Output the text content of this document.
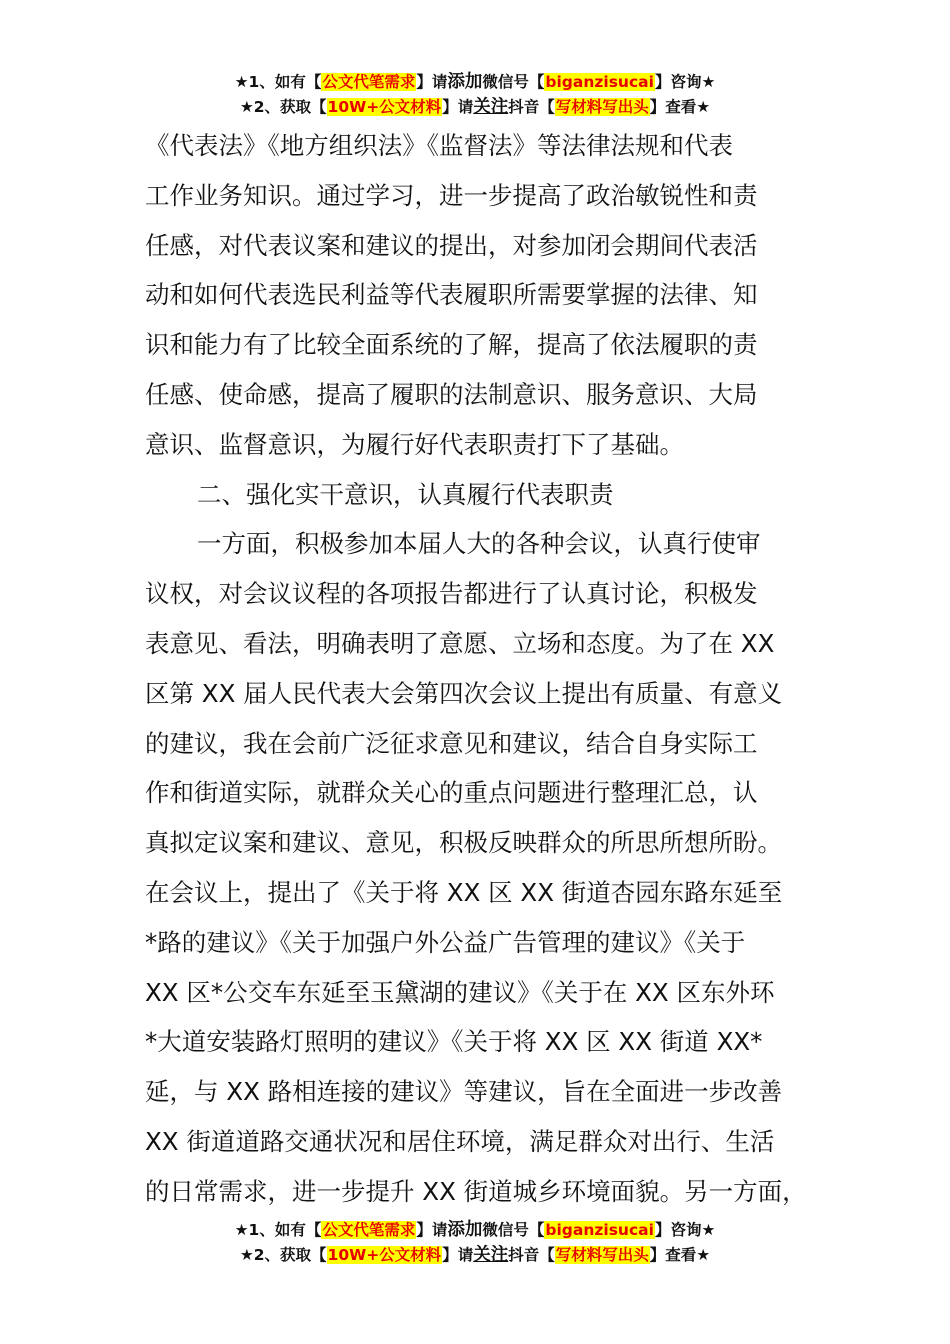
★1、如有【公文代笔需求】请添加微信号【biganzisucai】咨询★
★2、获取【10W+公文材料】请关注抖音【写材料写出头】查看★

《代表法》《地方组织法》《监督法》等法律法规和代表

工作业务知识。通过学习，进一步提高了政治敏锐性和责

任感，对代表议案和建议的提出，对参加闭会期间代表活

动和如何代表选民利益等代表履职所需要掌握的法律、知

识和能力有了比较全面系统的了解，提高了依法履职的责

任感、使命感，提高了履职的法制意识、服务意识、大局

意识、监督意识，为履行好代表职责打下了基础。

二、强化实干意识，认真履行代表职责

一方面，积极参加本届人大的各种会议，认真行使审

议权，对会议议程的各项报告都进行了认真讨论，积极发

表意见、看法，明确表明了意愿、立场和态度。为了在 XX

区第 XX 届人民代表大会第四次会议上提出有质量、有意义

的建议，我在会前广泛征求意见和建议，结合自身实际工

作和街道实际，就群众关心的重点问题进行整理汇总，认

真拟定议案和建议、意见，积极反映群众的所思所想所盼。

在会议上，提出了《关于将 XX 区 XX 街道杏园东路东延至

*路的建议》《关于加强户外公益广告管理的建议》《关于

XX 区*公交车东延至玉黛湖的建议》《关于在 XX 区东外环

*大道安装路灯照明的建议》《关于将 XX 区 XX 街道 XX*

延，与 XX 路相连接的建议》等建议，旨在全面进一步改善

XX 街道道路交通状况和居住环境，满足群众对出行、生活

的日常需求，进一步提升 XX 街道城乡环境面貌。另一方面，

★1、如有【公文代笔需求】请添加微信号【biganzisucai】咨询★
★2、获取【10W+公文材料】请关注抖音【写材料写出头】查看★
